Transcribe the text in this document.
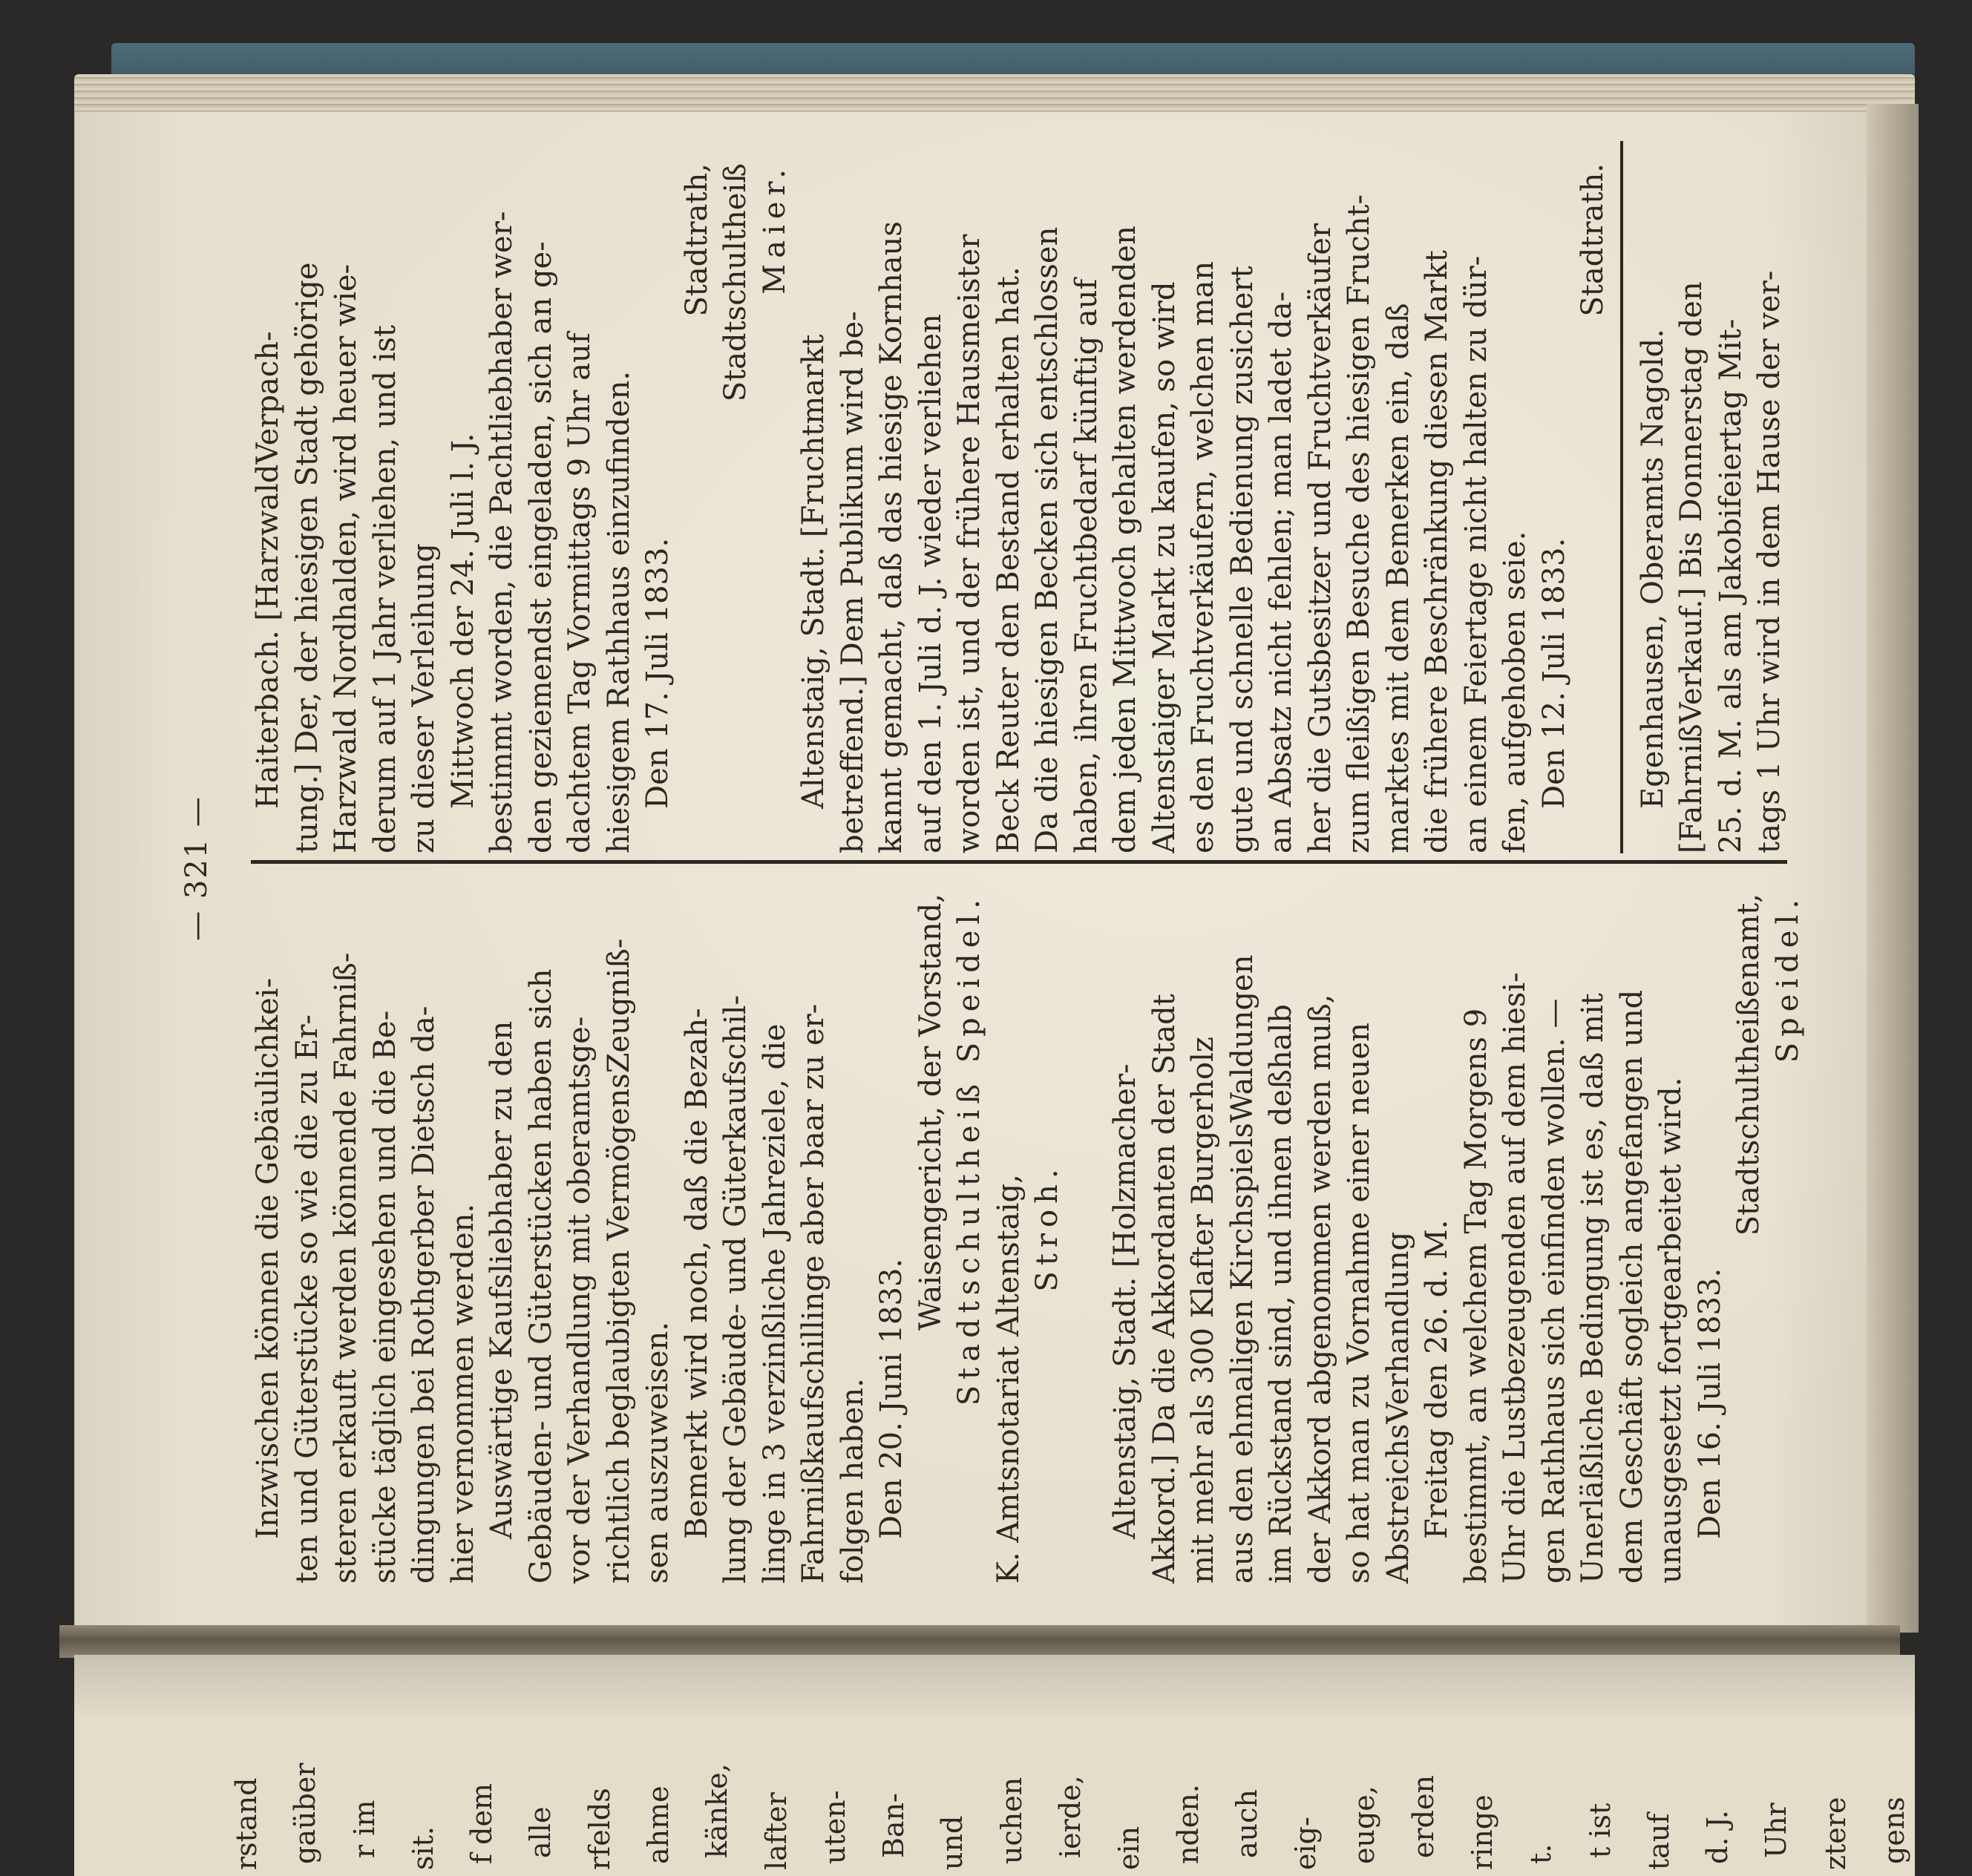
— 321 —
Inzwischen können die Gebäulichkei- ten und Güterstücke so wie die zu Er- steren erkauft werden könnende Fahrniß- stücke täglich eingesehen und die Be- dingungen bei Rothgerber Dietsch da- hier vernommen werden. Auswärtige Kaufsliebhaber zu den Gebäuden- und Güterstücken haben sich vor der Verhandlung mit oberamtsge- richtlich beglaubigten VermögensZeugniß- sen auszuweisen. Bemerkt wird noch, daß die Bezah- lung der Gebäude- und Güterkaufschil- linge in 3 verzinßliche Jahreziele, die Fahrnißkaufschillinge aber baar zu er- folgen haben. Den 20. Juni 1833.
Waisengericht, der Vorstand, Stadtschultheiß Speidel. K. Amtsnotariat Altenstaig, Stroh. Altenstaig, Stadt. [Holzmacher- Akkord.] Da die Akkordanten der Stadt mit mehr als 300 Klafter Burgerholz aus den ehmaligen KirchspielsWaldungen im Rückstand sind, und ihnen deßhalb der Akkord abgenommen werden muß, so hat man zu Vornahme einer neuen AbstreichsVerhandlung Freitag den 26. d. M. bestimmt, an welchem Tag Morgens 9 Uhr die Lustbezeugenden auf dem hiesi- gen Rathhaus sich einfinden wollen. — Unerläßliche Bedingung ist es, daß mit dem Geschäft sogleich angefangen und unausgesetzt fortgearbeitet wird. Den 16. Juli 1833.
Stadtschultheißenamt, Speidel.
Haiterbach. [HarzwaldVerpach- tung.] Der, der hiesigen Stadt gehörige Harzwald Nordhalden, wird heuer wie- derum auf 1 Jahr verliehen, und ist zu dieser Verleihung Mittwoch der 24. Juli l. J. bestimmt worden, die Pachtliebhaber wer- den geziemendst eingeladen, sich an ge- dachtem Tag Vormittags 9 Uhr auf hiesigem Rathhaus einzufinden. Den 17. Juli 1833.
Stadtrath, Stadtschultheiß Maier.
Altenstaig, Stadt. [Fruchtmarkt betreffend.] Dem Publikum wird be- kannt gemacht, daß das hiesige Kornhaus auf den 1. Juli d. J. wieder verliehen worden ist, und der frühere Hausmeister Beck Reuter den Bestand erhalten hat. Da die hiesigen Becken sich entschlossen haben, ihren Fruchtbedarf künftig auf dem jeden Mittwoch gehalten werdenden Altenstaiger Markt zu kaufen, so wird es den Fruchtverkäufern, welchen man gute und schnelle Bedienung zusichert an Absatz nicht fehlen; man ladet da- her die Gutsbesitzer und Fruchtverkäufer zum fleißigen Besuche des hiesigen Frucht- marktes mit dem Bemerken ein, daß die frühere Beschränkung diesen Markt an einem Feiertage nicht halten zu dür- fen, aufgehoben seie. Den 12. Juli 1833.
Stadtrath.
Egenhausen, Oberamts Nagold. [FahrnißVerkauf.] Bis Donnerstag den 25. d. M. als am Jakobifeiertag Mit- tags 1 Uhr wird in dem Hause der ver-
rstand gaüber r im sit. f dem alle rfelds ahme känke, lafter uten- Ban- und uchen ierde, ein nden. auch eig- euge, erden ringe t. t ist tauf d. J. Uhr ztere gens
